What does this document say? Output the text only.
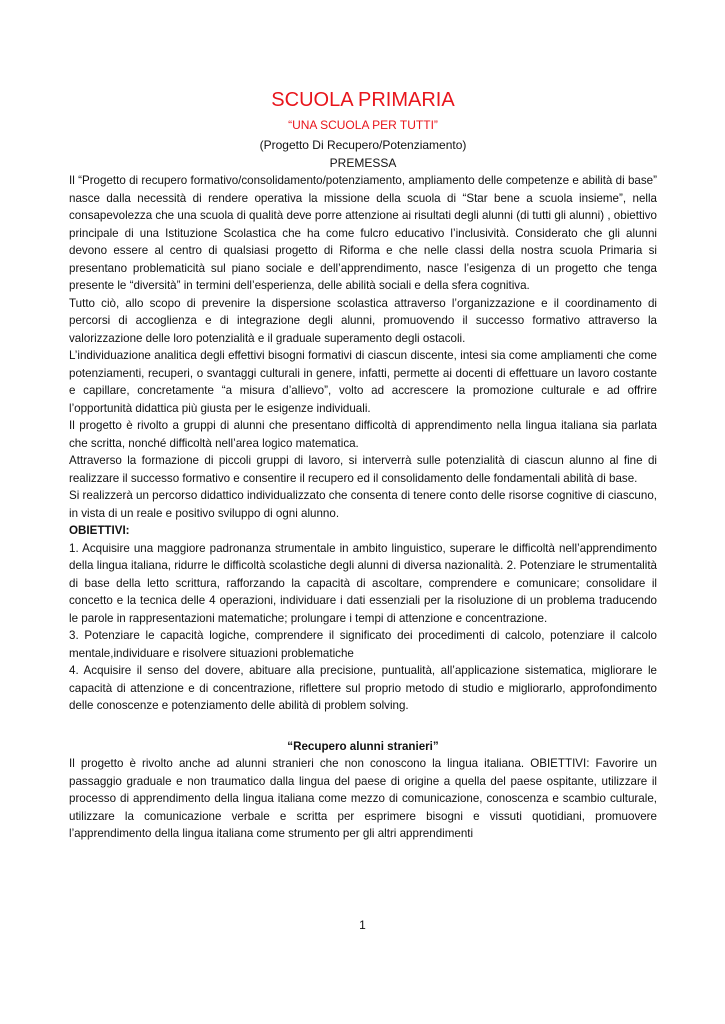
SCUOLA PRIMARIA
“UNA SCUOLA PER TUTTI”
(Progetto Di Recupero/Potenziamento)
PREMESSA

Il “Progetto di recupero formativo/consolidamento/potenziamento, ampliamento delle competenze e abilità di base” nasce dalla necessità di rendere operativa la missione della scuola di “Star bene a scuola insieme”, nella consapevolezza che una scuola di qualità deve porre attenzione ai risultati degli alunni (di tutti gli alunni) , obiettivo principale di una Istituzione Scolastica che ha come fulcro educativo l’inclusività. Considerato che gli alunni devono essere al centro di qualsiasi progetto di Riforma e che nelle classi della nostra scuola Primaria si presentano problematicità sul piano sociale e dell’apprendimento, nasce l’esigenza di un progetto che tenga presente le “diversità” in termini dell’esperienza, delle abilità sociali e della sfera cognitiva.

Tutto ciò, allo scopo di prevenire la dispersione scolastica attraverso l’organizzazione e il coordinamento di percorsi di accoglienza e di integrazione degli alunni, promuovendo il successo formativo attraverso la valorizzazione delle loro potenzialità e il graduale superamento degli ostacoli.

L’individuazione analitica degli effettivi bisogni formativi di ciascun discente, intesi sia come ampliamenti che come potenziamenti, recuperi, o svantaggi culturali in genere, infatti, permette ai docenti di effettuare un lavoro costante e capillare, concretamente “a misura d’allievo”, volto ad accrescere la promozione culturale e ad offrire l’opportunità didattica più giusta per le esigenze individuali.

Il progetto è rivolto a gruppi di alunni che presentano difficoltà di apprendimento nella lingua italiana sia parlata che scritta, nonché difficoltà nell’area logico matematica.

Attraverso la formazione di piccoli gruppi di lavoro, si interverrà sulle potenzialità di ciascun alunno al fine di realizzare il successo formativo e consentire il recupero ed il consolidamento delle fondamentali abilità di base.

Si realizzerà un percorso didattico individualizzato che consenta di tenere conto delle risorse cognitive di ciascuno, in vista di un reale e positivo sviluppo di ogni alunno.

OBIETTIVI:

1. Acquisire una maggiore padronanza strumentale in ambito linguistico, superare le difficoltà nell’apprendimento della lingua italiana, ridurre le difficoltà scolastiche degli alunni di diversa nazionalità. 2. Potenziare le strumentalità di base della letto scrittura, rafforzando la capacità di ascoltare, comprendere e comunicare; consolidare il concetto e la tecnica delle 4 operazioni, individuare i dati essenziali per la risoluzione di un problema traducendo le parole in rappresentazioni matematiche; prolungare i tempi di attenzione e concentrazione.

3. Potenziare le capacità logiche, comprendere il significato dei procedimenti di calcolo, potenziare il calcolo mentale,individuare e risolvere situazioni problematiche

4. Acquisire il senso del dovere, abituare alla precisione, puntualità, all’applicazione sistematica, migliorare le capacità di attenzione e di concentrazione, riflettere sul proprio metodo di studio e migliorarlo, approfondimento delle conoscenze e potenziamento delle abilità di problem solving.

“Recupero alunni stranieri”

Il progetto è rivolto anche ad alunni stranieri che non conoscono la lingua italiana. OBIETTIVI: Favorire un passaggio graduale e non traumatico dalla lingua del paese di origine a quella del paese ospitante, utilizzare il processo di apprendimento della lingua italiana come mezzo di comunicazione, conoscenza e scambio culturale, utilizzare la comunicazione verbale e scritta per esprimere bisogni e vissuti quotidiani, promuovere l’apprendimento della lingua italiana come strumento per gli altri apprendimenti

1
